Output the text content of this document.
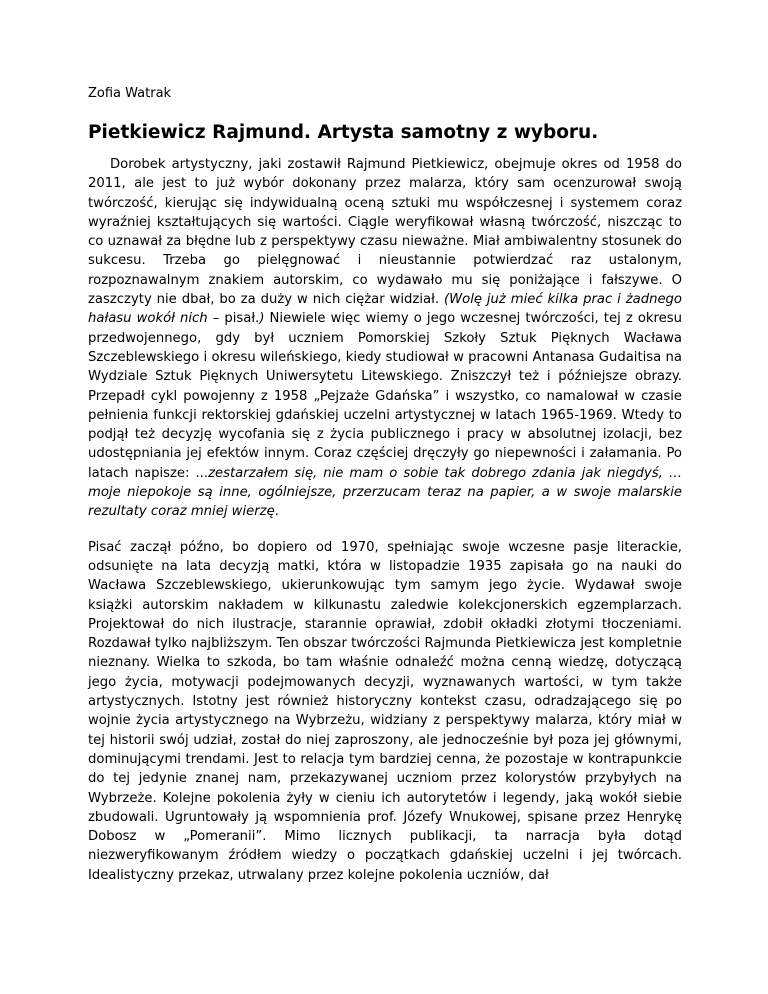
Zofia Watrak

Pietkiewicz Rajmund. Artysta samotny z wyboru.

Dorobek artystyczny, jaki zostawił Rajmund Pietkiewicz, obejmuje okres od 1958 do 2011, ale jest to już wybór dokonany przez malarza, który sam ocenzurował swoją twórczość, kierując się indywidualną oceną sztuki mu współczesnej i systemem coraz wyraźniej kształtujących się wartości. Ciągle weryfikował własną twórczość, niszcząc to co uznawał za błędne lub z perspektywy czasu nieważne. Miał ambiwalentny stosunek do sukcesu. Trzeba go pielęgnować i nieustannie potwierdzać raz ustalonym, rozpoznawalnym znakiem autorskim, co wydawało mu się poniżające i fałszywe. O zaszczyty nie dbał, bo za duży w nich ciężar widział. (Wolę już mieć kilka prac i żadnego hałasu wokół nich – pisał.) Niewiele więc wiemy o jego wczesnej twórczości, tej z okresu przedwojennego, gdy był uczniem Pomorskiej Szkoły Sztuk Pięknych Wacława Szczeblewskiego i okresu wileńskiego, kiedy studiował w pracowni Antanasa Gudaitisa na Wydziale Sztuk Pięknych Uniwersytetu Litewskiego. Zniszczył też i późniejsze obrazy. Przepadł cykl powojenny z 1958 „Pejzaże Gdańska” i wszystko, co namalował w czasie pełnienia funkcji rektorskiej gdańskiej uczelni artystycznej w latach 1965-1969. Wtedy to podjął też decyzję wycofania się z życia publicznego i pracy w absolutnej izolacji, bez udostępniania jej efektów innym. Coraz częściej dręczyły go niepewności i załamania. Po latach napisze: ...zestarzałem się, nie mam o sobie tak dobrego zdania jak niegdyś, … moje niepokoje są inne, ogólniejsze, przerzucam teraz na papier, a w swoje malarskie rezultaty coraz mniej wierzę.

Pisać zaczął późno, bo dopiero od 1970, spełniając swoje wczesne pasje literackie, odsunięte na lata decyzją matki, która w listopadzie 1935 zapisała go na nauki do Wacława Szczeblewskiego, ukierunkowując tym samym jego życie. Wydawał swoje książki autorskim nakładem w kilkunastu zaledwie kolekcjonerskich egzemplarzach. Projektował do nich ilustracje, starannie oprawiał, zdobił okładki złotymi tłoczeniami. Rozdawał tylko najbliższym. Ten obszar twórczości Rajmunda Pietkiewicza jest kompletnie nieznany. Wielka to szkoda, bo tam właśnie odnaleźć można cenną wiedzę, dotyczącą jego życia, motywacji podejmowanych decyzji, wyznawanych wartości, w tym także artystycznych. Istotny jest również historyczny kontekst czasu, odradzającego się po wojnie życia artystycznego na Wybrzeżu, widziany z perspektywy malarza, który miał w tej historii swój udział, został do niej zaproszony, ale jednocześnie był poza jej głównymi, dominującymi trendami. Jest to relacja tym bardziej cenna, że pozostaje w kontrapunkcie do tej jedynie znanej nam, przekazywanej uczniom przez kolorystów przybyłych na Wybrzeże. Kolejne pokolenia żyły w cieniu ich autorytetów i legendy, jaką wokół siebie zbudowali. Ugruntowały ją wspomnienia prof. Józefy Wnukowej, spisane przez Henrykę Dobosz w „Pomeranii”. Mimo licznych publikacji, ta narracja była dotąd niezweryfikowanym źródłem wiedzy o początkach gdańskiej uczelni i jej twórcach. Idealistyczny przekaz, utrwalany przez kolejne pokolenia uczniów, dał
